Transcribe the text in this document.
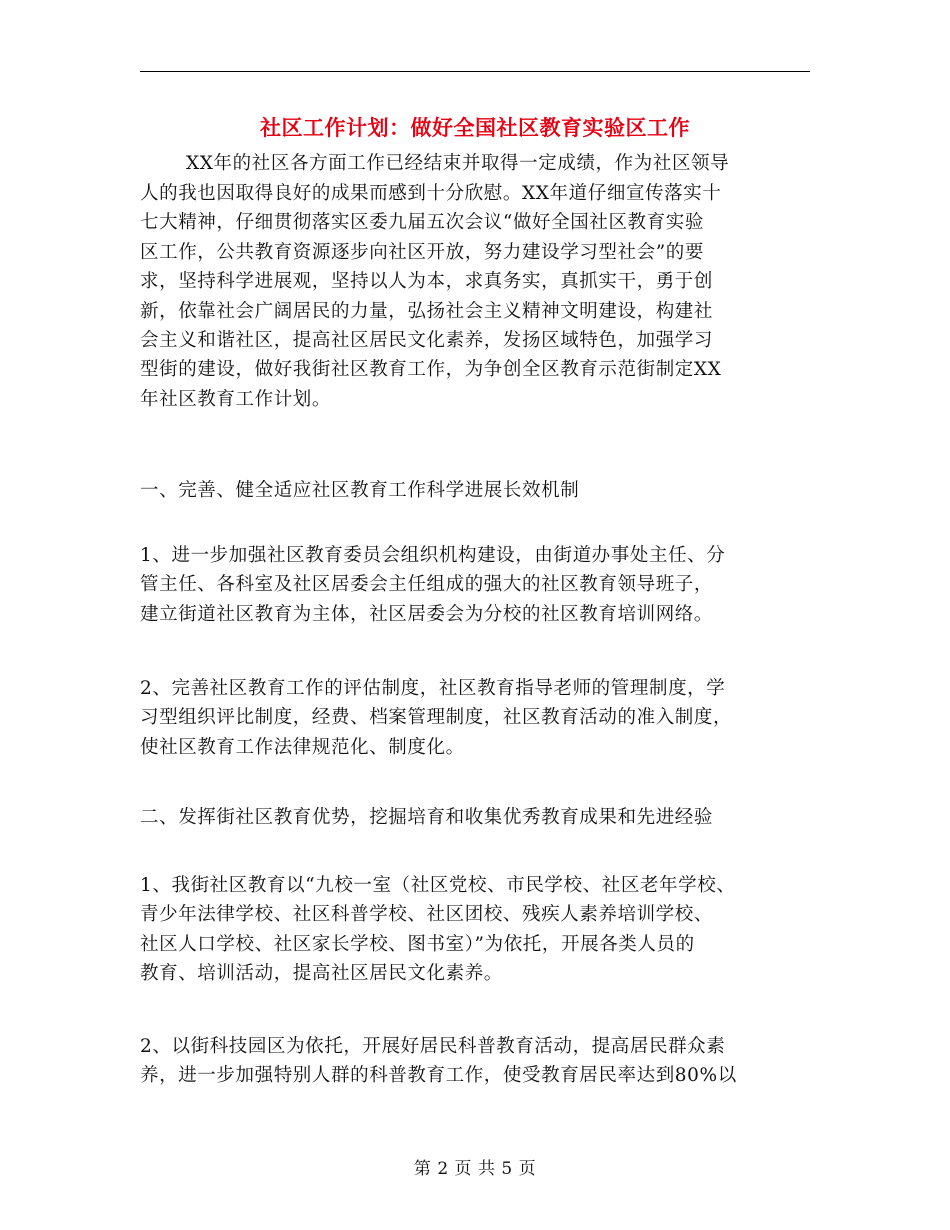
社区工作计划：做好全国社区教育实验区工作
XX年的社区各方面工作已经结束并取得一定成绩，作为社区领导
人的我也因取得良好的成果而感到十分欣慰。XX年道仔细宣传落实十
七大精神，仔细贯彻落实区委九届五次会议“做好全国社区教育实验
区工作，公共教育资源逐步向社区开放，努力建设学习型社会”的要
求，坚持科学进展观，坚持以人为本，求真务实，真抓实干，勇于创
新，依靠社会广阔居民的力量，弘扬社会主义精神文明建设，构建社
会主义和谐社区，提高社区居民文化素养，发扬区域特色，加强学习
型街的建设，做好我街社区教育工作，为争创全区教育示范街制定XX
年社区教育工作计划。
一、完善、健全适应社区教育工作科学进展长效机制
1、进一步加强社区教育委员会组织机构建设，由街道办事处主任、分
管主任、各科室及社区居委会主任组成的强大的社区教育领导班子，
建立街道社区教育为主体，社区居委会为分校的社区教育培训网络。
2、完善社区教育工作的评估制度，社区教育指导老师的管理制度，学
习型组织评比制度，经费、档案管理制度，社区教育活动的准入制度，
使社区教育工作法律规范化、制度化。
二、发挥街社区教育优势，挖掘培育和收集优秀教育成果和先进经验
1、我街社区教育以“九校一室（社区党校、市民学校、社区老年学校、
青少年法律学校、社区科普学校、社区团校、残疾人素养培训学校、
社区人口学校、社区家长学校、图书室）”为依托，开展各类人员的
教育、培训活动，提高社区居民文化素养。
2、以街科技园区为依托，开展好居民科普教育活动，提高居民群众素
养，进一步加强特别人群的科普教育工作，使受教育居民率达到80%以
第 2 页 共 5 页
